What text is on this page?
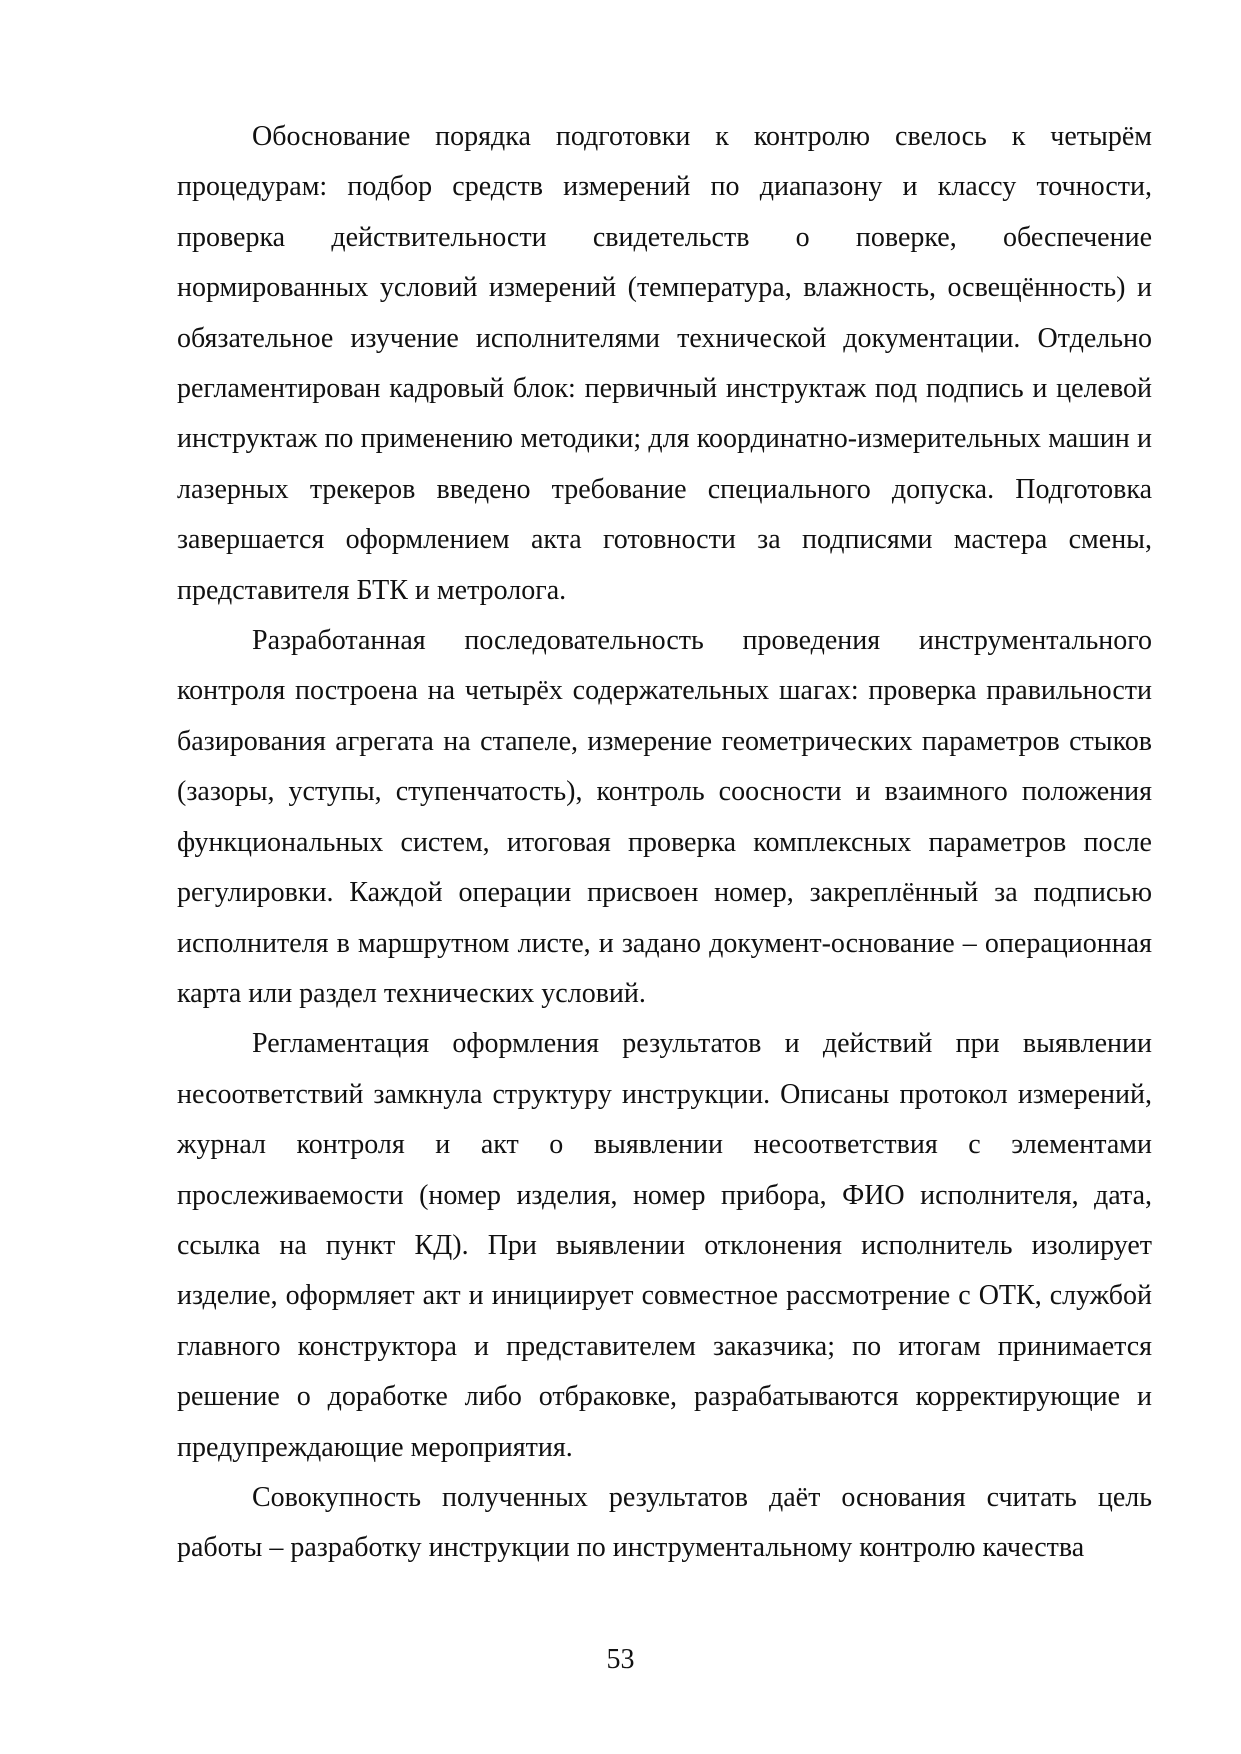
Обоснование порядка подготовки к контролю свелось к четырём процедурам: подбор средств измерений по диапазону и классу точности, проверка действительности свидетельств о поверке, обеспечение нормированных условий измерений (температура, влажность, освещённость) и обязательное изучение исполнителями технической документации. Отдельно регламентирован кадровый блок: первичный инструктаж под подпись и целевой инструктаж по применению методики; для координатно-измерительных машин и лазерных трекеров введено требование специального допуска. Подготовка завершается оформлением акта готовности за подписями мастера смены, представителя БТК и метролога.

Разработанная последовательность проведения инструментального контроля построена на четырёх содержательных шагах: проверка правильности базирования агрегата на стапеле, измерение геометрических параметров стыков (зазоры, уступы, ступенчатость), контроль соосности и взаимного положения функциональных систем, итоговая проверка комплексных параметров после регулировки. Каждой операции присвоен номер, закреплённый за подписью исполнителя в маршрутном листе, и задано документ-основание – операционная карта или раздел технических условий.

Регламентация оформления результатов и действий при выявлении несоответствий замкнула структуру инструкции. Описаны протокол измерений, журнал контроля и акт о выявлении несоответствия с элементами прослеживаемости (номер изделия, номер прибора, ФИО исполнителя, дата, ссылка на пункт КД). При выявлении отклонения исполнитель изолирует изделие, оформляет акт и инициирует совместное рассмотрение с ОТК, службой главного конструктора и представителем заказчика; по итогам принимается решение о доработке либо отбраковке, разрабатываются корректирующие и предупреждающие мероприятия.

Совокупность полученных результатов даёт основания считать цель работы – разработку инструкции по инструментальному контролю качества

53
